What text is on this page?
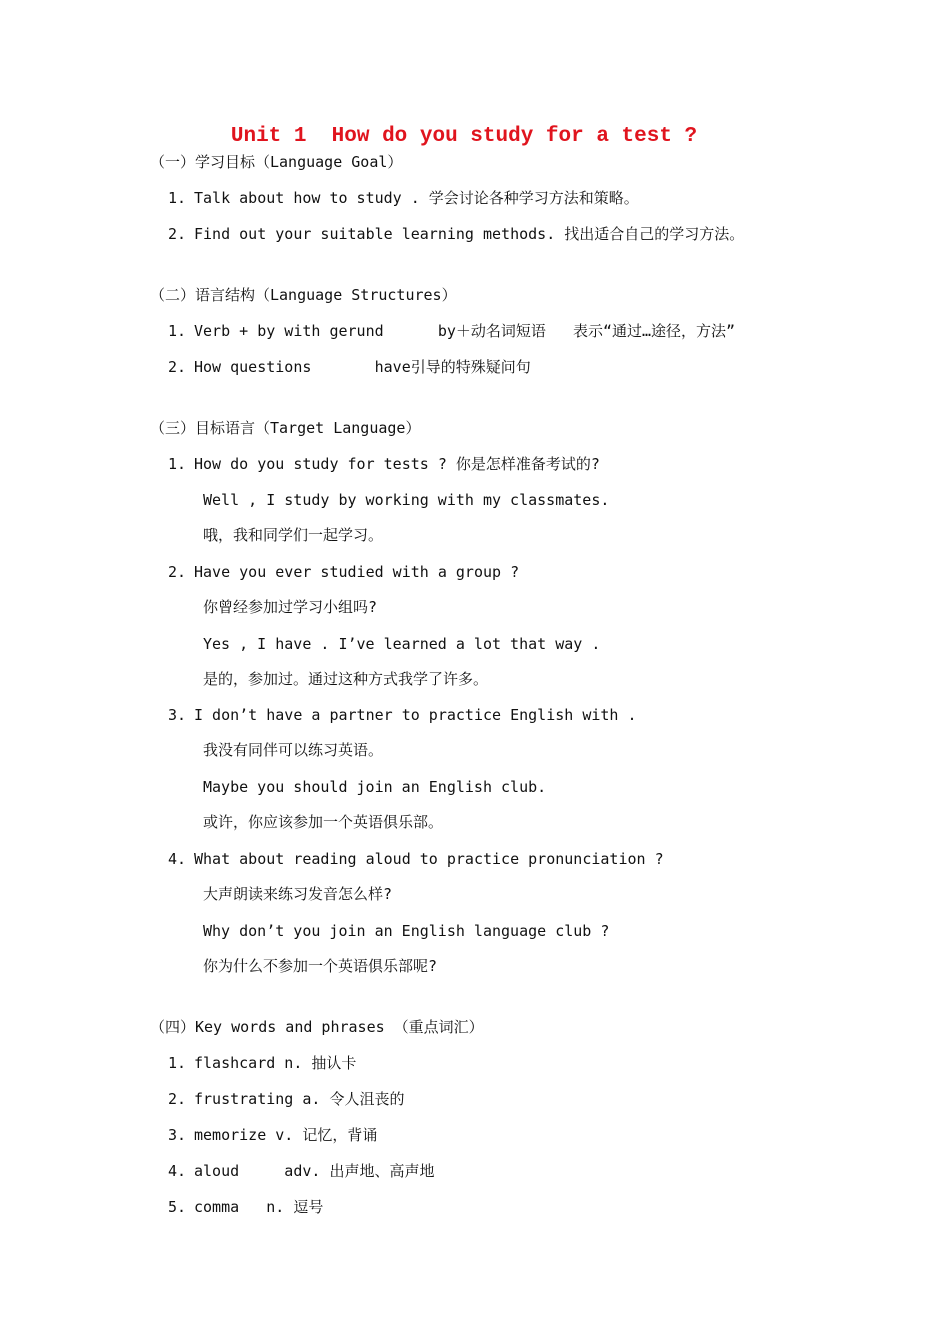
Unit 1  How do you study for a test ?
（一）学习目标（Language Goal）
1. Talk about how to study . 学会讨论各种学习方法和策略。
2. Find out your suitable learning methods. 找出适合自己的学习方法。
（二）语言结构（Language Structures）
1. Verb + by with gerund      by＋动名词短语   表示“通过…途径，方法”
2. How questions       have引导的特殊疑问句
（三）目标语言（Target Language）
1. How do you study for tests ? 你是怎样准备考试的?
Well , I study by working with my classmates.
哦，我和同学们一起学习。
2. Have you ever studied with a group ?
你曾经参加过学习小组吗?
Yes , I have . I’ve learned a lot that way .
是的，参加过。通过这种方式我学了许多。
3. I don’t have a partner to practice English with .
我没有同伴可以练习英语。
Maybe you should join an English club.
或许，你应该参加一个英语俱乐部。
4. What about reading aloud to practice pronunciation ?
大声朗读来练习发音怎么样?
Why don’t you join an English language club ?
你为什么不参加一个英语俱乐部呢?
（四）Key words and phrases （重点词汇）
1. flashcard n. 抽认卡
2. frustrating a. 令人沮丧的
3. memorize v. 记忆，背诵
4. aloud     adv. 出声地、高声地
5. comma   n. 逗号
